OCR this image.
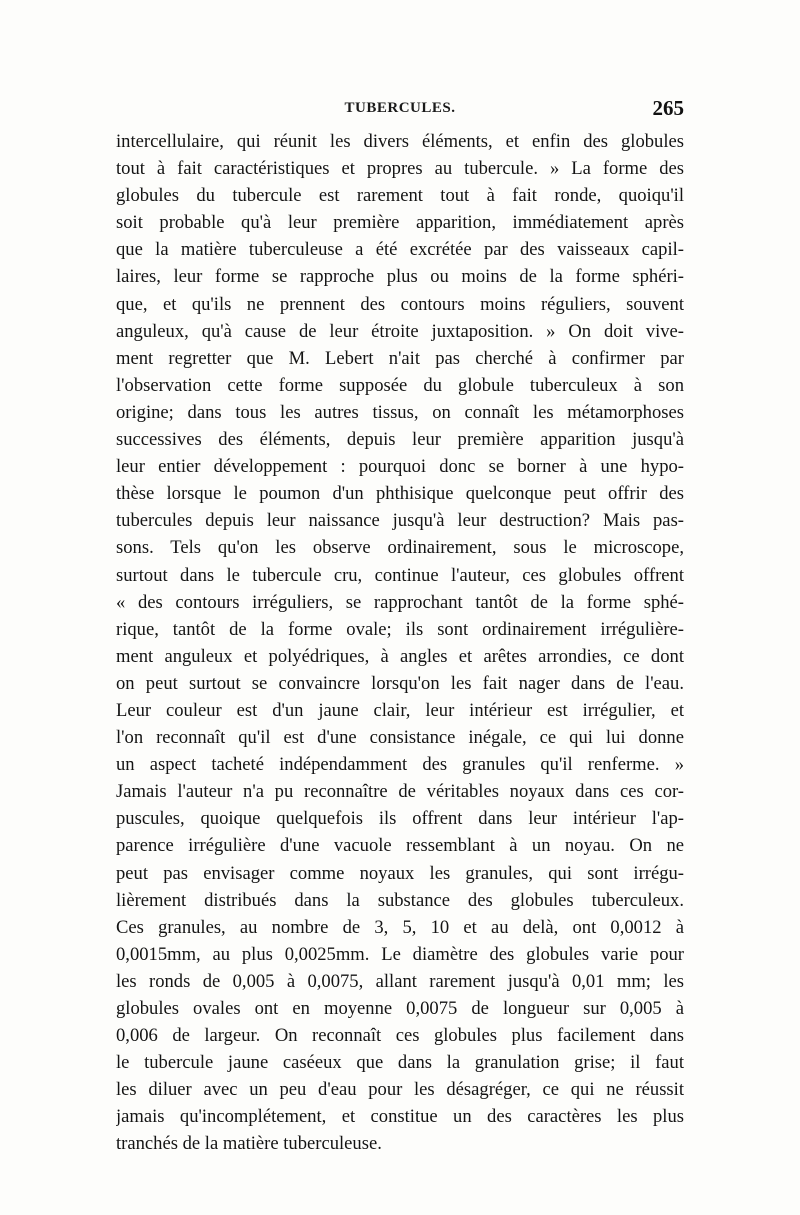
TUBERCULES.	265
intercellulaire, qui réunit les divers éléments, et enfin des globules
tout à fait caractéristiques et propres au tubercule. » La forme des
globules du tubercule est rarement tout à fait ronde, quoiqu'il
soit probable qu'à leur première apparition, immédiatement après
que la matière tuberculeuse a été excrétée par des vaisseaux capil-
laires, leur forme se rapproche plus ou moins de la forme sphéri-
que, et qu'ils ne prennent des contours moins réguliers, souvent
anguleux, qu'à cause de leur étroite juxtaposition. » On doit vive-
ment regretter que M. Lebert n'ait pas cherché à confirmer par
l'observation cette forme supposée du globule tuberculeux à son
origine; dans tous les autres tissus, on connaît les métamorphoses
successives des éléments, depuis leur première apparition jusqu'à
leur entier développement : pourquoi donc se borner à une hypo-
thèse lorsque le poumon d'un phthisique quelconque peut offrir des
tubercules depuis leur naissance jusqu'à leur destruction? Mais pas-
sons. Tels qu'on les observe ordinairement, sous le microscope,
surtout dans le tubercule cru, continue l'auteur, ces globules offrent
« des contours irréguliers, se rapprochant tantôt de la forme sphé-
rique, tantôt de la forme ovale; ils sont ordinairement irrégulière-
ment anguleux et polyédriques, à angles et arêtes arrondies, ce dont
on peut surtout se convaincre lorsqu'on les fait nager dans de l'eau.
Leur couleur est d'un jaune clair, leur intérieur est irrégulier, et
l'on reconnaît qu'il est d'une consistance inégale, ce qui lui donne
un aspect tacheté indépendamment des granules qu'il renferme. »
Jamais l'auteur n'a pu reconnaître de véritables noyaux dans ces cor-
puscules, quoique quelquefois ils offrent dans leur intérieur l'ap-
parence irrégulière d'une vacuole ressemblant à un noyau. On ne
peut pas envisager comme noyaux les granules, qui sont irrégu-
lièrement distribués dans la substance des globules tuberculeux.
Ces granules, au nombre de 3, 5, 10 et au delà, ont 0,0012 à
0,0015mm, au plus 0,0025mm. Le diamètre des globules varie pour
les ronds de 0,005 à 0,0075, allant rarement jusqu'à 0,01 mm; les
globules ovales ont en moyenne 0,0075 de longueur sur 0,005 à
0,006 de largeur. On reconnaît ces globules plus facilement dans
le tubercule jaune caséeux que dans la granulation grise; il faut
les diluer avec un peu d'eau pour les désagréger, ce qui ne réussit
jamais qu'incomplétement, et constitue un des caractères les plus
tranchés de la matière tuberculeuse.
